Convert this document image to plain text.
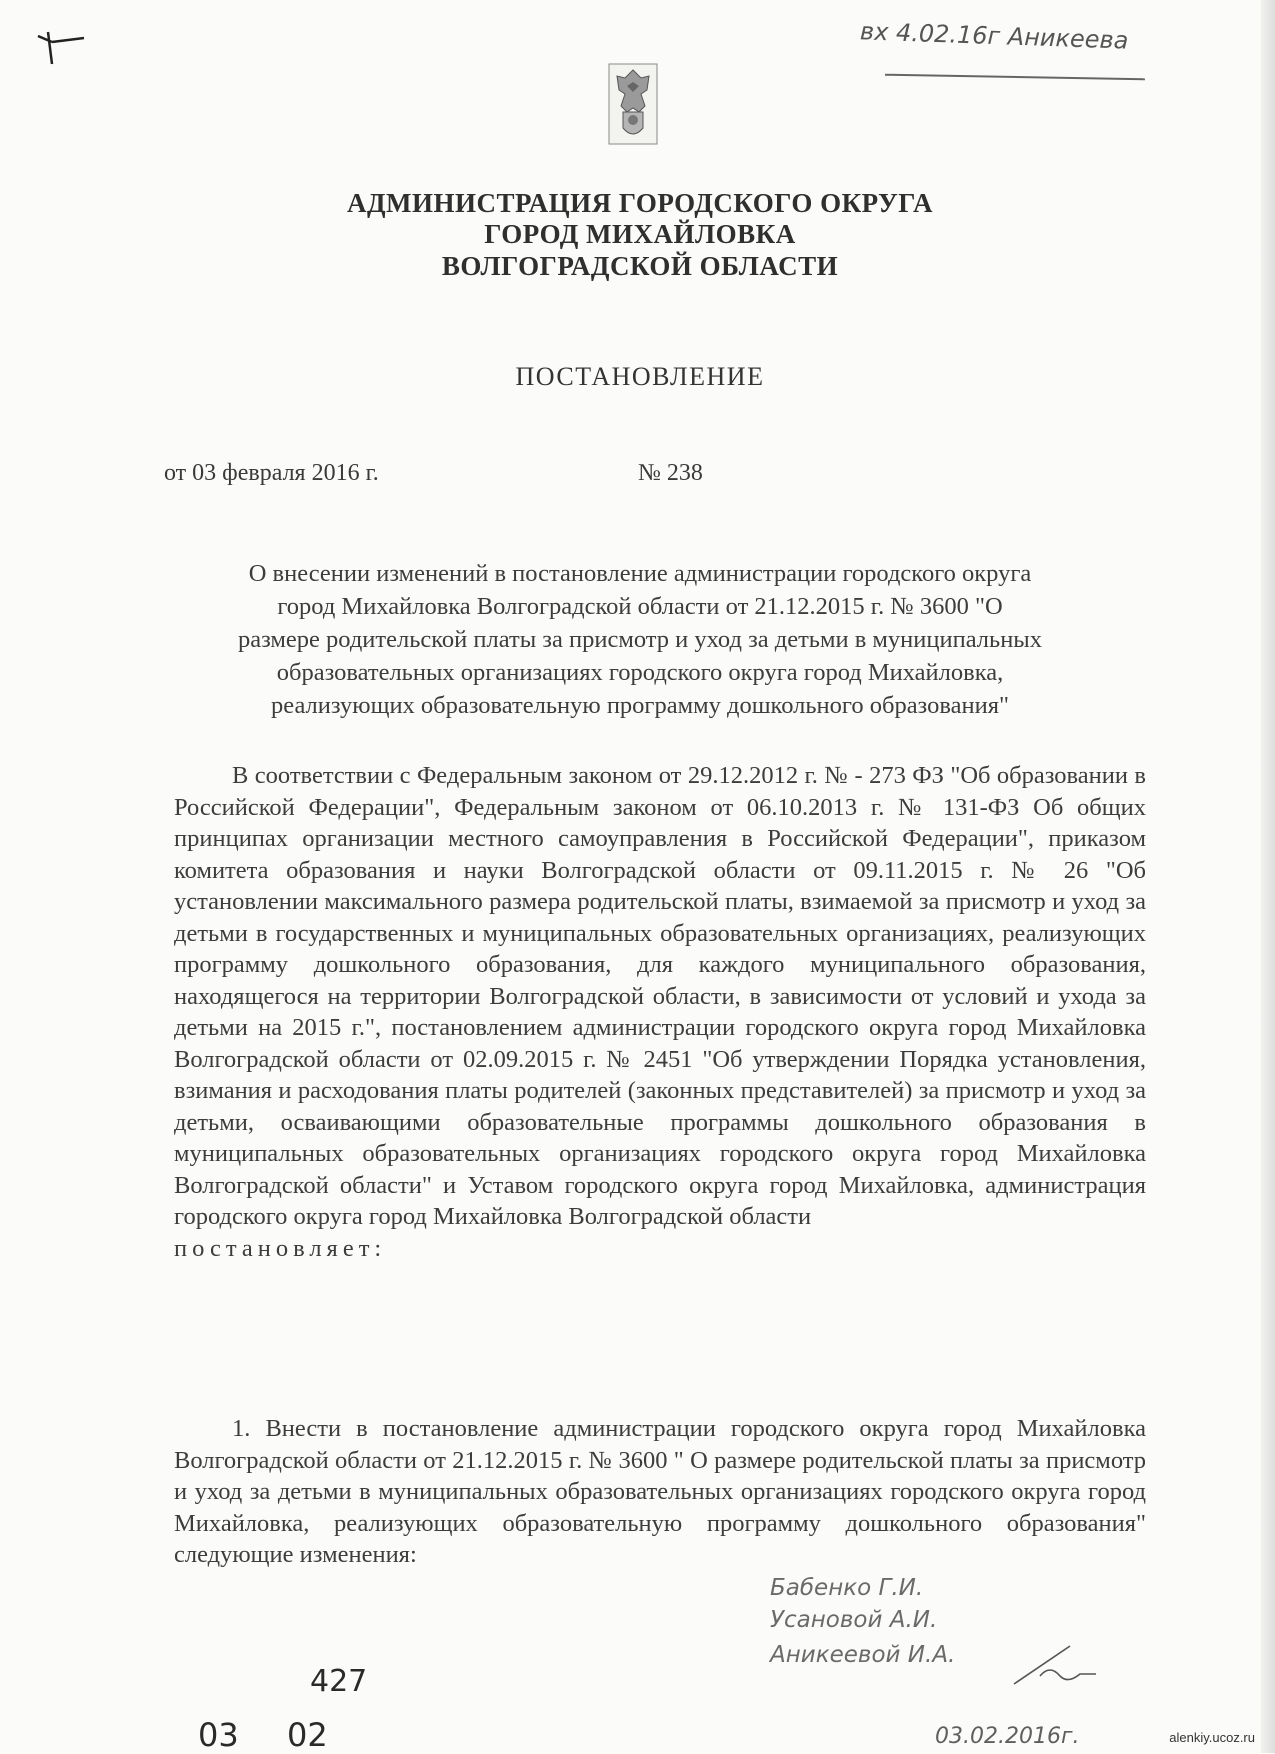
вх 4.02.16г Аникеева
АДМИНИСТРАЦИЯ ГОРОДСКОГО ОКРУГА
ГОРОД МИХАЙЛОВКА
ВОЛГОГРАДСКОЙ ОБЛАСТИ
ПОСТАНОВЛЕНИЕ
от 03 февраля 2016 г.	№ 238
О внесении изменений в постановление администрации городского округа
город Михайловка Волгоградской области от 21.12.2015 г. № 3600 "О
размере родительской платы за присмотр и уход за детьми в муниципальных
образовательных организациях городского округа город Михайловка,
реализующих образовательную программу дошкольного образования"

В соответствии с Федеральным законом от 29.12.2012 г. № - 273 ФЗ "Об образовании в Российской Федерации", Федеральным законом от 06.10.2013 г. № 131-ФЗ Об общих принципах организации местного самоуправления в Российской Федерации", приказом комитета образования и науки Волгоградской области от 09.11.2015 г. № 26 "Об установлении максимального размера родительской платы, взимаемой за присмотр и уход за детьми в государственных и муниципальных образовательных организациях, реализующих программу дошкольного образования, для каждого муниципального образования, находящегося на территории Волгоградской области, в зависимости от условий и ухода за детьми на 2015 г.", постановлением администрации городского округа город Михайловка Волгоградской области от 02.09.2015 г. № 2451 "Об утверждении Порядка установления, взимания и расходования платы родителей (законных представителей) за присмотр и уход за детьми, осваивающими образовательные программы дошкольного образования в муниципальных образовательных организациях городского округа город Михайловка Волгоградской области" и Уставом городского округа город Михайловка, администрация городского округа город Михайловка Волгоградской области

постановляет:

1. Внести в постановление администрации городского округа город Михайловка Волгоградской области от 21.12.2015 г. № 3600 " О размере родительской платы за присмотр и уход за детьми в муниципальных образовательных организациях городского округа город Михайловка, реализующих образовательную программу дошкольного образования" следующие изменения:

Бабенко Г.И.
Усановой А.И.
Аникеевой И.А.
03.02.2016г.
427
03 02	alenkiy.ucoz.ru
